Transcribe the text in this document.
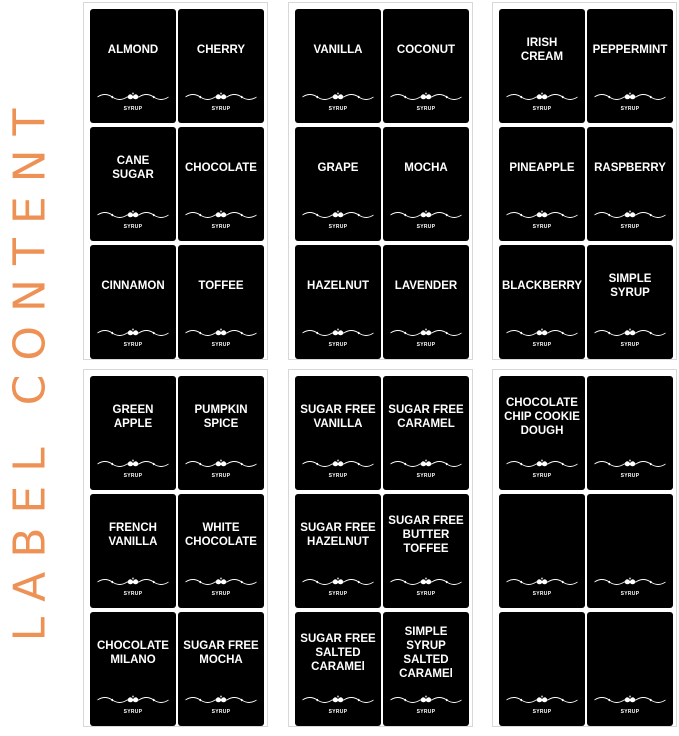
LABEL CONTENT
ALMOND
SYRUP
CHERRY
SYRUP
CANE
SUGAR
SYRUP
CHOCOLATE
SYRUP
CINNAMON
SYRUP
TOFFEE
SYRUP
VANILLA
SYRUP
COCONUT
SYRUP
GRAPE
SYRUP
MOCHA
SYRUP
HAZELNUT
SYRUP
LAVENDER
SYRUP
IRISH
CREAM
SYRUP
PEPPERMINT
SYRUP
PINEAPPLE
SYRUP
RASPBERRY
SYRUP
BLACKBERRY
SYRUP
SIMPLE
SYRUP
SYRUP
GREEN
APPLE
SYRUP
PUMPKIN
SPICE
SYRUP
FRENCH
VANILLA
SYRUP
WHITE
CHOCOLATE
SYRUP
CHOCOLATE
MILANO
SYRUP
SUGAR FREE
MOCHA
SYRUP
SUGAR FREE
VANILLA
SYRUP
SUGAR FREE
CARAMEL
SYRUP
SUGAR FREE
HAZELNUT
SYRUP
SUGAR FREE
BUTTER
TOFFEE
SYRUP
SUGAR FREE
SALTED
CARAMEl
SYRUP
SIMPLE SYRUP
SALTED
CARAMEl
SYRUP
CHOCOLATE
CHIP COOKIE
DOUGH
SYRUP	SYRUP
SYRUP	SYRUP
SYRUP	SYRUP
